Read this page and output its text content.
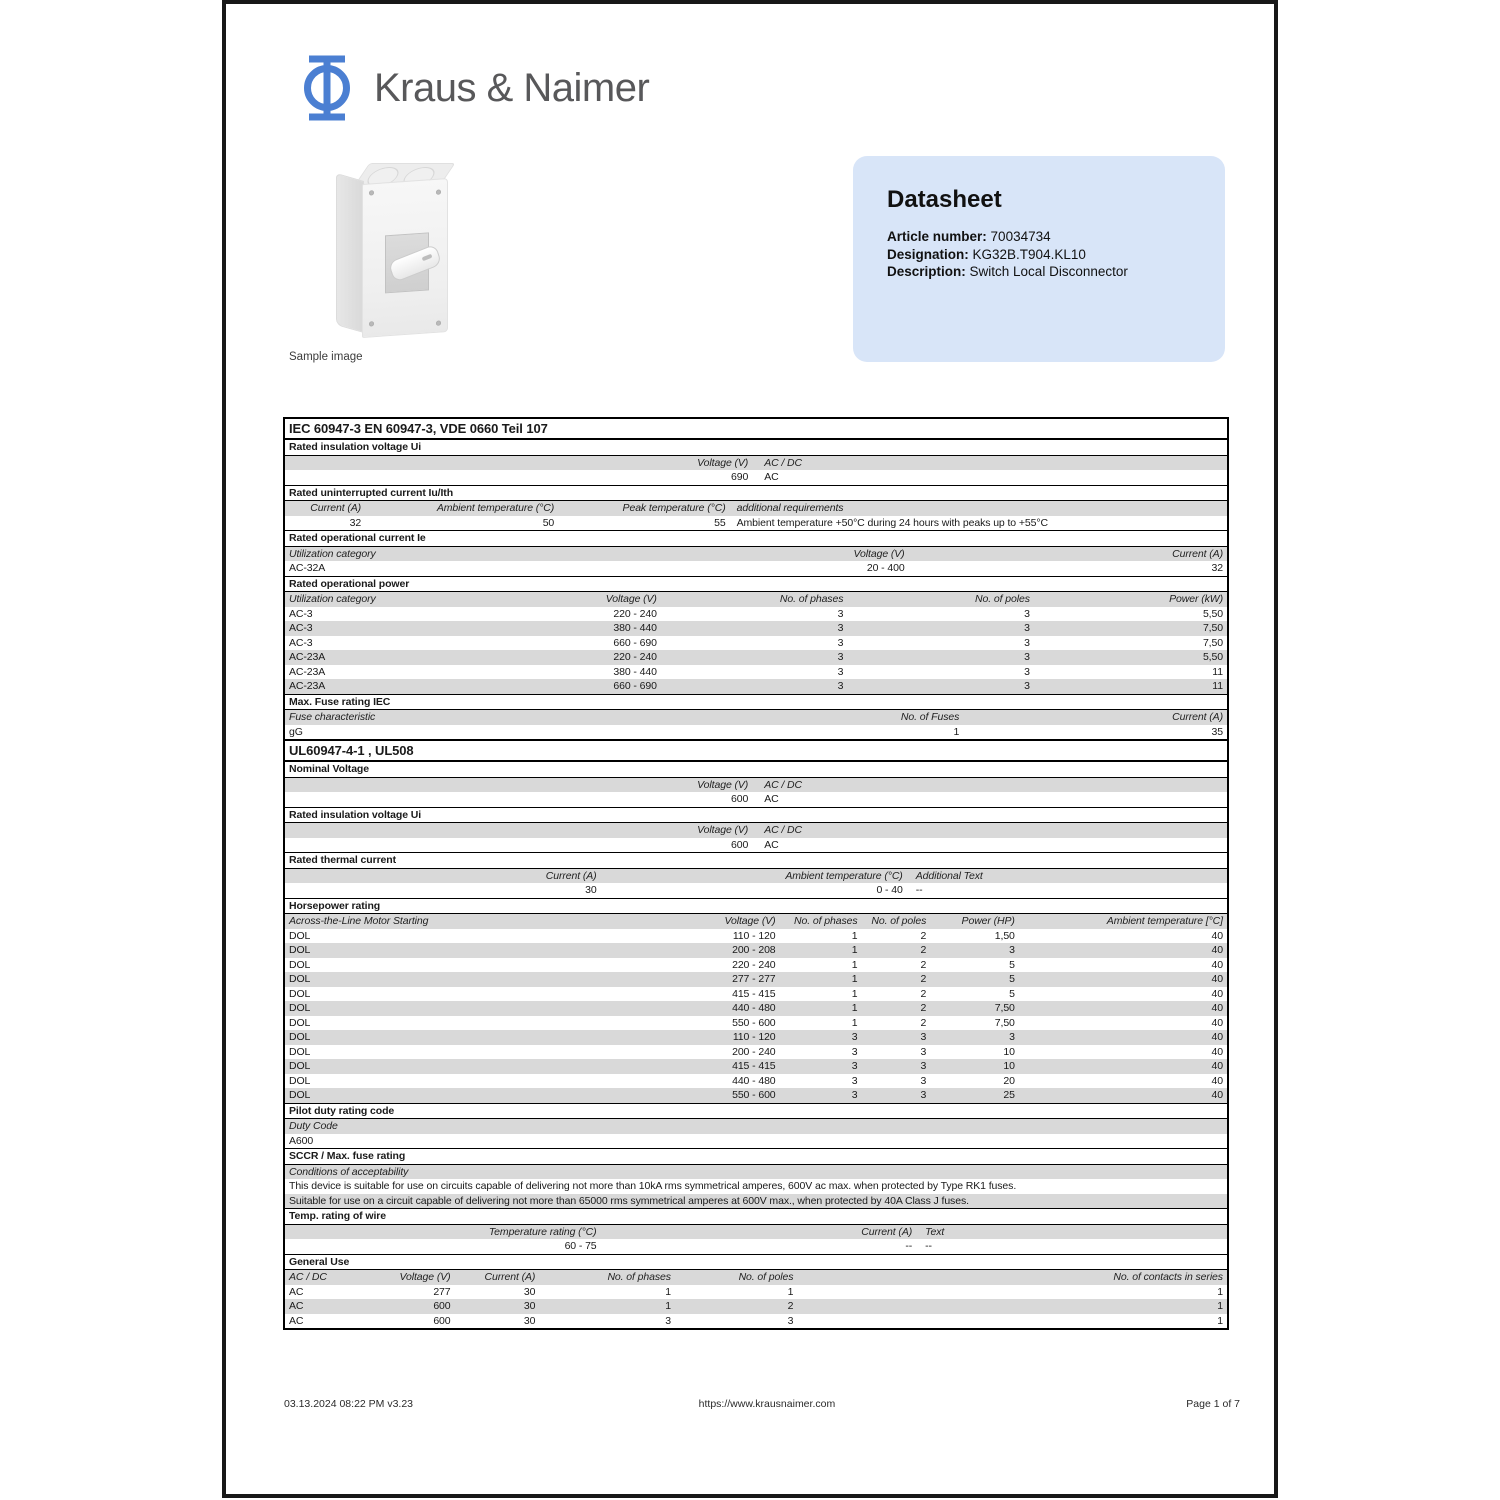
Kraus & Naimer
Sample image
Datasheet
Article number: 70034734
Designation: KG32B.T904.KL10
Description: Switch Local Disconnector
IEC 60947-3 EN 60947-3, VDE 0660 Teil 107
Rated insulation voltage Ui
Voltage (V)	AC / DC
690	AC
Rated uninterrupted current Iu/Ith
Current (A)	Ambient temperature (°C)	Peak temperature (°C)	additional requirements
32	50	55	Ambient temperature +50°C during 24 hours with peaks up to +55°C
Rated operational current Ie
Utilization category	Voltage (V)	Current (A)
AC-32A	20 - 400	32
Rated operational power
Utilization category	Voltage (V)	No. of phases	No. of poles	Power (kW)
AC-3	220 - 240	3	3	5,50
AC-3	380 - 440	3	3	7,50
AC-3	660 - 690	3	3	7,50
AC-23A	220 - 240	3	3	5,50
AC-23A	380 - 440	3	3	11
AC-23A	660 - 690	3	3	11
Max. Fuse rating IEC
Fuse characteristic	No. of Fuses	Current (A)
gG	1	35
UL60947-4-1 , UL508
Nominal Voltage
Voltage (V)	AC / DC
600	AC
Rated insulation voltage Ui
Voltage (V)	AC / DC
600	AC
Rated thermal current
Current (A)	Ambient temperature (°C)	Additional Text
30	0 - 40	--
Horsepower rating
Across-the-Line Motor Starting	Voltage (V)	No. of phases	No. of poles	Power (HP)	Ambient temperature [°C]
DOL	110 - 120	1	2	1,50	40
DOL	200 - 208	1	2	3	40
DOL	220 - 240	1	2	5	40
DOL	277 - 277	1	2	5	40
DOL	415 - 415	1	2	5	40
DOL	440 - 480	1	2	7,50	40
DOL	550 - 600	1	2	7,50	40
DOL	110 - 120	3	3	3	40
DOL	200 - 240	3	3	10	40
DOL	415 - 415	3	3	10	40
DOL	440 - 480	3	3	20	40
DOL	550 - 600	3	3	25	40
Pilot duty rating code
Duty Code
A600
SCCR / Max. fuse rating
Conditions of acceptability
This device is suitable for use on circuits capable of delivering not more than 10kA rms symmetrical amperes, 600V ac max. when protected by Type RK1 fuses.
Suitable for use on a circuit capable of delivering not more than 65000 rms symmetrical amperes at 600V max., when protected by 40A Class J fuses.
Temp. rating of wire
Temperature rating (°C)	Current (A)	Text
60 - 75	--	--
General Use
AC / DC	Voltage (V)	Current (A)	No. of phases	No. of poles	No. of contacts in series
AC	277	30	1	1	1
AC	600	30	1	2	1
AC	600	30	3	3	1
03.13.2024 08:22 PM v3.23	https://www.krausnaimer.com	Page 1 of 7
